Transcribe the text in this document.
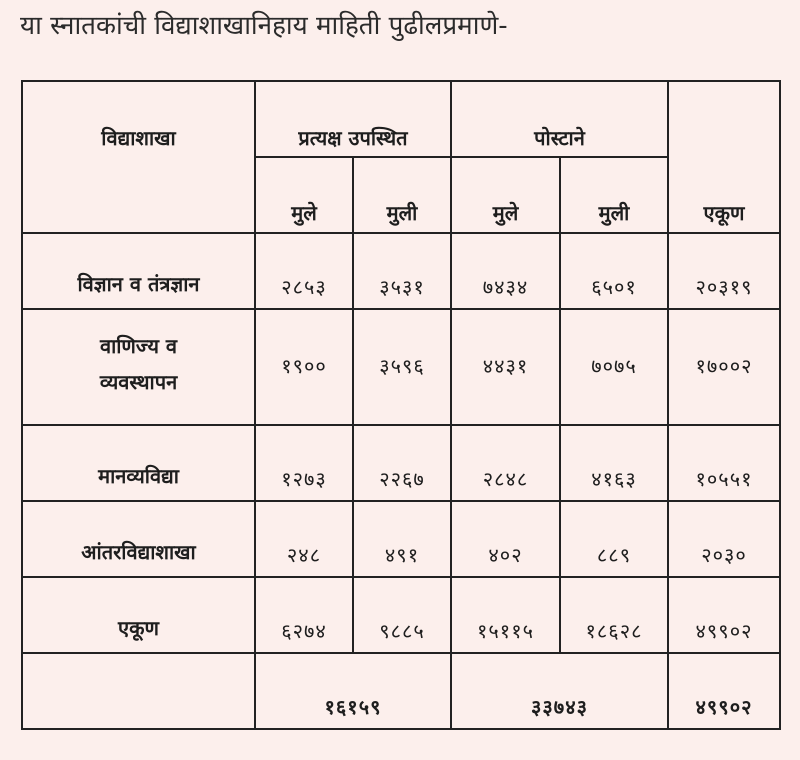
या स्नातकांची विद्याशाखानिहाय माहिती पुढीलप्रमाणे-
विद्याशाखा	प्रत्यक्ष उपस्थित		पोस्टाने		एकूण
	मुले	मुली	मुले	मुली	
विज्ञान व तंत्रज्ञान	२८५३	३५३१	७४३४	६५०१	२०३१९

वाणिज्य व
व्यवस्थापन	१९००	३५९६	४४३१	७०७५	१७००२
मानव्यविद्या	१२७३	२२६७	२८४८	४१६३	१०५५१
आंतरविद्याशाखा	२४८	४९१	४०२	८८९	२०३०
एकूण	६२७४	९८८५	१५११५	१८६२८	४९९०२
	१६१५९		३३७४३		४९९०२
